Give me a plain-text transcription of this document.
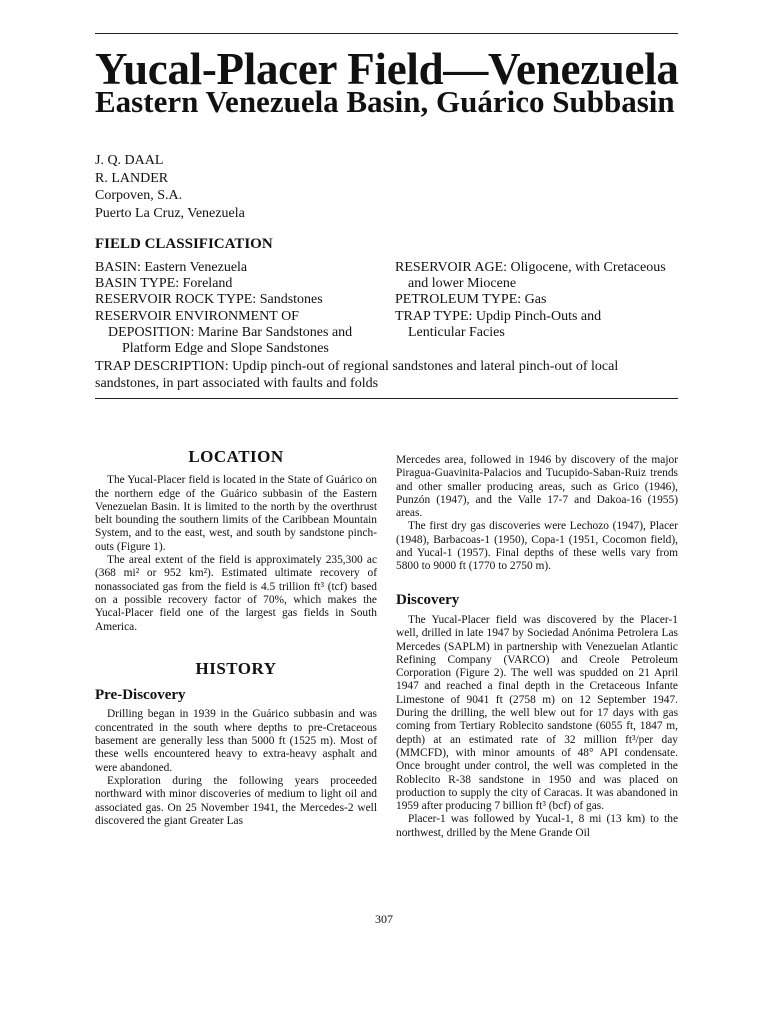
Yucal-Placer Field—Venezuela
Eastern Venezuela Basin, Guárico Subbasin
J. Q. DAAL
R. LANDER
Corpoven, S.A.
Puerto La Cruz, Venezuela
FIELD CLASSIFICATION
BASIN: Eastern Venezuela
BASIN TYPE: Foreland
RESERVOIR ROCK TYPE: Sandstones
RESERVOIR ENVIRONMENT OF
DEPOSITION: Marine Bar Sandstones and
Platform Edge and Slope Sandstones
RESERVOIR AGE: Oligocene, with Cretaceous
and lower Miocene
PETROLEUM TYPE: Gas
TRAP TYPE: Updip Pinch-Outs and
Lenticular Facies
TRAP DESCRIPTION: Updip pinch-out of regional sandstones and lateral pinch-out of local sandstones, in part associated with faults and folds
LOCATION

The Yucal-Placer field is located in the State of Guárico on the northern edge of the Guárico subbasin of the Eastern Venezuelan Basin. It is limited to the north by the overthrust belt bounding the southern limits of the Caribbean Mountain System, and to the east, west, and south by sandstone pinch-outs (Figure 1).

The areal extent of the field is approximately 235,300 ac (368 mi² or 952 km²). Estimated ultimate recovery of nonassociated gas from the field is 4.5 trillion ft³ (tcf) based on a possible recovery factor of 70%, which makes the Yucal-Placer field one of the largest gas fields in South America.

HISTORY
Pre-Discovery

Drilling began in 1939 in the Guárico subbasin and was concentrated in the south where depths to pre-Cretaceous basement are generally less than 5000 ft (1525 m). Most of these wells encountered heavy to extra-heavy asphalt and were abandoned.

Exploration during the following years proceeded northward with minor discoveries of medium to light oil and associated gas. On 25 November 1941, the Mercedes-2 well discovered the giant Greater Las

Mercedes area, followed in 1946 by discovery of the major Piragua-Guavinita-Palacios and Tucupido-Saban-Ruiz trends and other smaller producing areas, such as Grico (1946), Punzón (1947), and the Valle 17-7 and Dakoa-16 (1955) areas.

The first dry gas discoveries were Lechozo (1947), Placer (1948), Barbacoas-1 (1950), Copa-1 (1951, Cocomon field), and Yucal-1 (1957). Final depths of these wells vary from 5800 to 9000 ft (1770 to 2750 m).

Discovery

The Yucal-Placer field was discovered by the Placer-1 well, drilled in late 1947 by Sociedad Anónima Petrolera Las Mercedes (SAPLM) in partnership with Venezuelan Atlantic Refining Company (VARCO) and Creole Petroleum Corporation (Figure 2). The well was spudded on 21 April 1947 and reached a final depth in the Cretaceous Infante Limestone of 9041 ft (2758 m) on 12 September 1947. During the drilling, the well blew out for 17 days with gas coming from Tertiary Roblecito sandstone (6055 ft, 1847 m, depth) at an estimated rate of 32 million ft³/per day (MMCFD), with minor amounts of 48° API condensate. Once brought under control, the well was completed in the Roblecito R-38 sandstone in 1950 and was placed on production to supply the city of Caracas. It was abandoned in 1959 after producing 7 billion ft³ (bcf) of gas.

Placer-1 was followed by Yucal-1, 8 mi (13 km) to the northwest, drilled by the Mene Grande Oil

307
